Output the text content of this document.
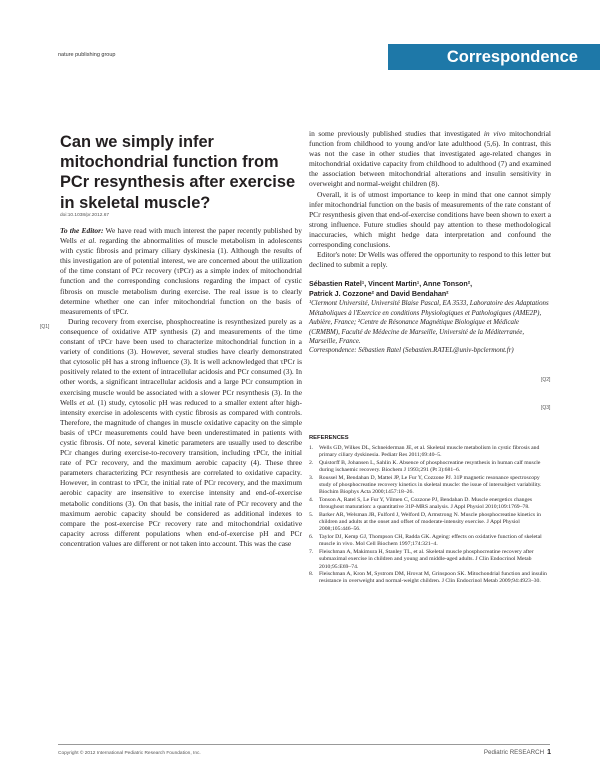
nature publishing group	Correspondence
Can we simply infer mitochondrial function from PCr resynthesis after exercise in skeletal muscle?
doi:10.1038/pr.2012.67

To the Editor: We have read with much interest the paper recently published by Wells et al. regarding the abnormalities of muscle metabolism in adolescents with cystic fibrosis and primary ciliary dyskinesia (1). Although the results of this investigation are of potential interest, we are concerned about the utilization of the time constant of PCr recovery (τPCr) as a simple index of mitochondrial function and the corresponding conclusions regarding the impact of cystic fibrosis on muscle metabolism during exercise. The real issue is to clearly determine whether one can infer mitochondrial function on the basis of measurements of τPCr.

During recovery from exercise, phosphocreatine is resynthesized purely as a consequence of oxidative ATP synthesis (2) and measurements of the time constant of τPCr have been used to characterize mitochondrial function in a variety of conditions (3). However, several studies have clearly demonstrated that cytosolic pH has a strong influence (3). It is well acknowledged that τPCr is positively related to the extent of intracellular acidosis and PCr consumed (3). In other words, a significant intracellular acidosis and a large PCr consumption in exercising muscle would be associated with a slower PCr resynthesis (3). In the Wells et al. (1) study, cytosolic pH was reduced to a smaller extent after high-intensity exercise in adolescents with cystic fibrosis as compared with controls. Therefore, the magnitude of changes in muscle oxidative capacity on the simple basis of τPCr measurements could have been underestimated in patients with cystic fibrosis. Of note, several kinetic parameters are usually used to describe PCr changes during exercise-to-recovery transition, including τPCr, the initial rate of PCr recovery, and the maximum aerobic capacity (4). These three parameters characterizing PCr resynthesis are correlated to oxidative capacity. However, in contrast to τPCr, the initial rate of PCr recovery, and the maximum aerobic capacity are insensitive to exercise intensity and end-of-exercise metabolic conditions (3). On that basis, the initial rate of PCr recovery and the maximum aerobic capacity should be considered as additional indexes to compare the post-exercise PCr recovery rate and mitochondrial oxidative capacity across different populations when end-of-exercise pH and PCr concentration values are different or not taken into account. This was the case

in some previously published studies that investigated in vivo mitochondrial function from childhood to young and/or late adulthood (5,6). In contrast, this was not the case in other studies that investigated age-related changes in mitochondrial oxidative capacity from childhood to adulthood (7) and examined the association between mitochondrial alterations and insulin sensitivity in overweight and normal-weight children (8).

Overall, it is of utmost importance to keep in mind that one cannot simply infer mitochondrial function on the basis of measurements of the rate constant of PCr resynthesis given that end-of-exercise conditions have been shown to exert a strong influence. Future studies should pay attention to these methodological inaccuracies, which might hedge data interpretation and confound the corresponding conclusions.

Editor's note: Dr Wells was offered the opportunity to respond to this letter but declined to submit a reply.

Sébastien Ratel¹, Vincent Martin¹, Anne Tonson²,
Patrick J. Cozzone² and David Bendahan²
¹Clermont Université, Université Blaise Pascal, EA 3533, Laboratoire des Adaptations Métaboliques à l'Exercice en conditions Physiologiques et Pathologiques (AME2P), Aubière, France; ²Centre de Résonance Magnétique Biologique et Médicale (CRMBM), Faculté de Médecine de Marseille, Université de la Méditerranée, Marseille, France.
Correspondence: Sébastien Ratel (Sebastien.RATEL@univ-bpclermont.fr)
REFERENCES
1. Wells GD, Wilkes DL, Schneiderman JE, et al. Skeletal muscle metabolism in cystic fibrosis and primary ciliary dyskinesia. Pediatr Res 2011;69:40–5.
2. Quistorff B, Johansen L, Sahlin K. Absence of phosphocreatine resynthesis in human calf muscle during ischaemic recovery. Biochem J 1993;291 (Pt 3):681–6.
3. Roussel M, Bendahan D, Mattei JP, Le Fur Y, Cozzone PJ. 31P magnetic resonance spectroscopy study of phosphocreatine recovery kinetics in skeletal muscle: the issue of intersubject variability. Biochim Biophys Acta 2000;1457:18–26.
4. Tonson A, Ratel S, Le Fur Y, Vilmen C, Cozzone PJ, Bendahan D. Muscle energetics changes throughout maturation: a quantitative 31P-MRS analysis. J Appl Physiol 2010;109:1769–78.
5. Barker AR, Welsman JR, Fulford J, Welford D, Armstrong N. Muscle phosphocreatine kinetics in children and adults at the onset and offset of moderate-intensity exercise. J Appl Physiol 2008;105:446–56.
6. Taylor DJ, Kemp GJ, Thompson CH, Radda GK. Ageing: effects on oxidative function of skeletal muscle in vivo. Mol Cell Biochem 1997;174:321–4.
7. Fleischman A, Makimura H, Stanley TL, et al. Skeletal muscle phosphocreatine recovery after submaximal exercise in children and young and middle-aged adults. J Clin Endocrinol Metab 2010;95:E69–74.
8. Fleischman A, Kron M, Systrom DM, Hrovat M, Grinspoon SK. Mitochondrial function and insulin resistance in overweight and normal-weight children. J Clin Endocrinol Metab 2009;94:4923–30.
[Q1]
[Q2]
[Q3]
Copyright © 2012 International Pediatric Research Foundation, Inc.	Pediatric RESEARCH 1
